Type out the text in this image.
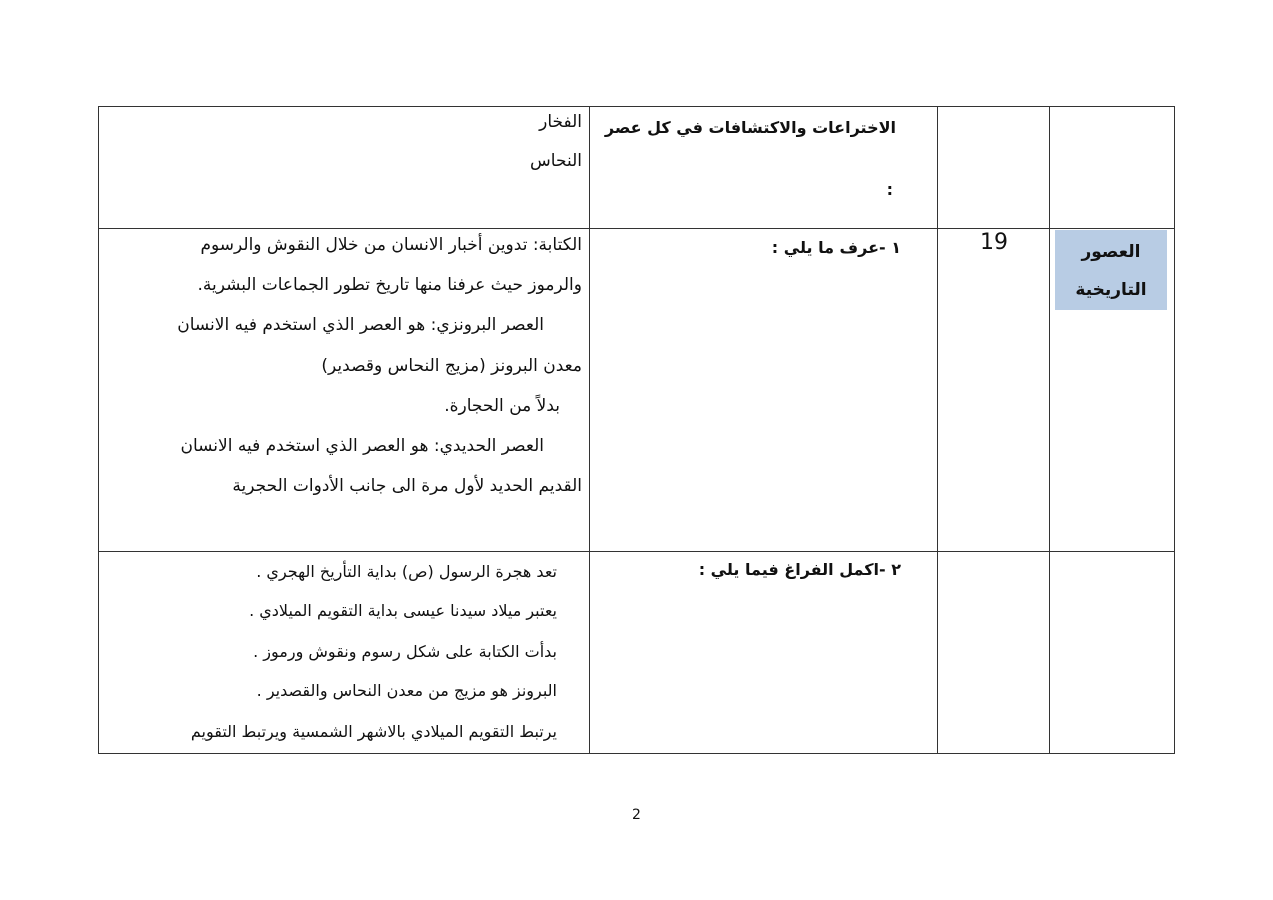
الاختراعات والاكتشافات في كل عصر
:
الفخار
النحاس
العصور
التاريخية
19
١ -عرف ما يلي :
الكتابة: تدوين أخبار الانسان من خلال النقوش والرسوم
والرموز حيث عرفنا منها تاريخ تطور الجماعات البشرية.
العصر البرونزي: هو العصر الذي استخدم فيه الانسان
معدن البرونز (مزيج النحاس وقصدير)
بدلاً من الحجارة.
العصر الحديدي: هو العصر الذي استخدم فيه الانسان
القديم الحديد لأول مرة الى جانب الأدوات الحجرية
٢ -اكمل الفراغ فيما يلي :
تعد هجرة الرسول (ص) بداية التأريخ الهجري .
يعتبر ميلاد سيدنا عيسى بداية التقويم الميلادي .
بدأت الكتابة على شكل رسوم ونقوش ورموز .
البرونز هو مزيج من معدن النحاس والقصدير .
يرتبط التقويم الميلادي بالاشهر الشمسية ويرتبط التقويم
2
